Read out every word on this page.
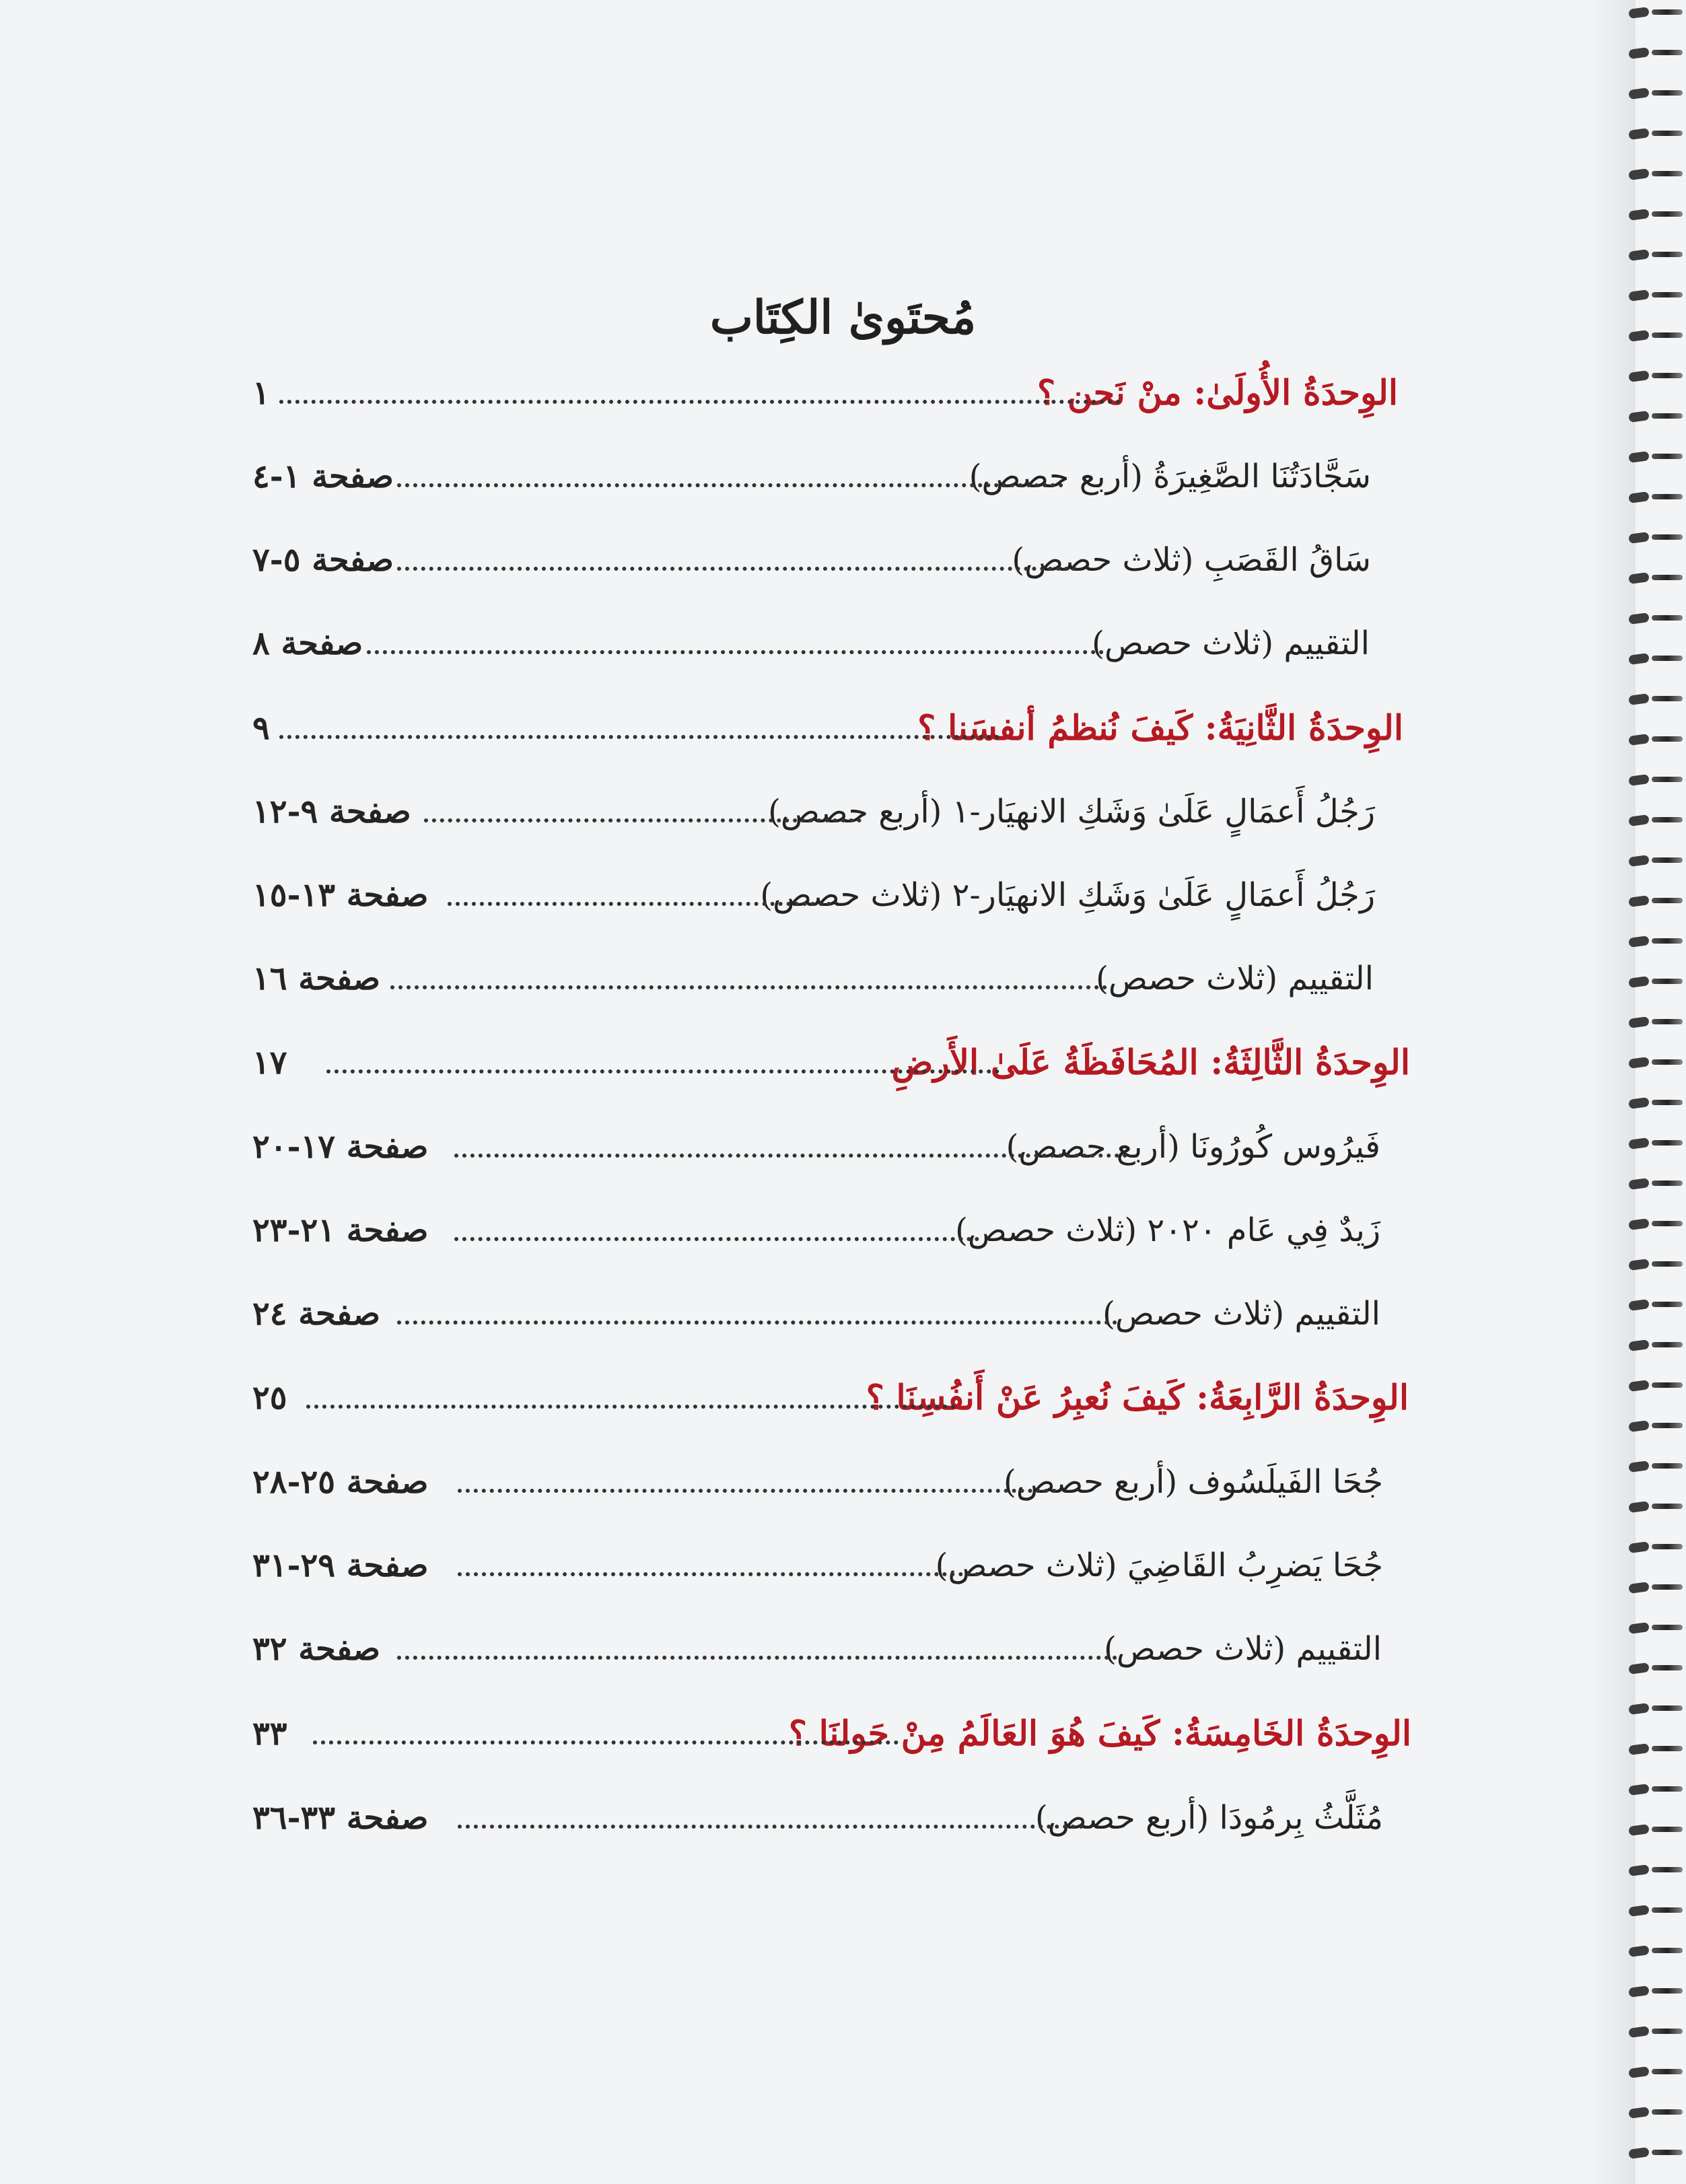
مُحتَوىٰ الكِتَاب
الوِحدَةُ الأُولَىٰ: منْ نَحن ؟
١
سَجَّادَتُنَا الصَّغِيرَةُ (أربع حصص)
صفحة ١-٤
سَاقُ القَصَبِ (ثلاث حصص)
صفحة ٥-٧
التقييم (ثلاث حصص)
صفحة ٨
الوِحدَةُ الثَّانِيَةُ: كَيفَ نُنظمُ أنفسَنا ؟
٩
رَجُلُ أَعمَالٍ عَلَىٰ وَشَكِ الانهيَار-١ (أربع حصص)
صفحة ٩-١٢
رَجُلُ أَعمَالٍ عَلَىٰ وَشَكِ الانهيَار-٢ (ثلاث حصص)
صفحة ١٣-١٥
التقييم (ثلاث حصص)
صفحة ١٦
الوِحدَةُ الثَّالِثَةُ: المُحَافَظَةُ عَلَىٰ الأَرضِ
١٧
فَيرُوس كُورُونَا (أربع حصص)
صفحة ١٧-٢٠
زَيدٌ فِي عَام ٢٠٢٠ (ثلاث حصص)
صفحة ٢١-٢٣
التقييم (ثلاث حصص)
صفحة ٢٤
الوِحدَةُ الرَّابِعَةُ: كَيفَ نُعبِرُ عَنْ أَنفُسِنَا ؟
٢٥
جُحَا الفَيلَسُوف (أربع حصص)
صفحة ٢٥-٢٨
جُحَا يَضرِبُ القَاضِيَ (ثلاث حصص)
صفحة ٢٩-٣١
التقييم (ثلاث حصص)
صفحة ٣٢
الوِحدَةُ الخَامِسَةُ: كَيفَ هُوَ العَالَمُ مِنْ حَولنَا ؟
٣٣
مُثَلَّثُ بِرمُودَا (أربع حصص)
صفحة ٣٣-٣٦
